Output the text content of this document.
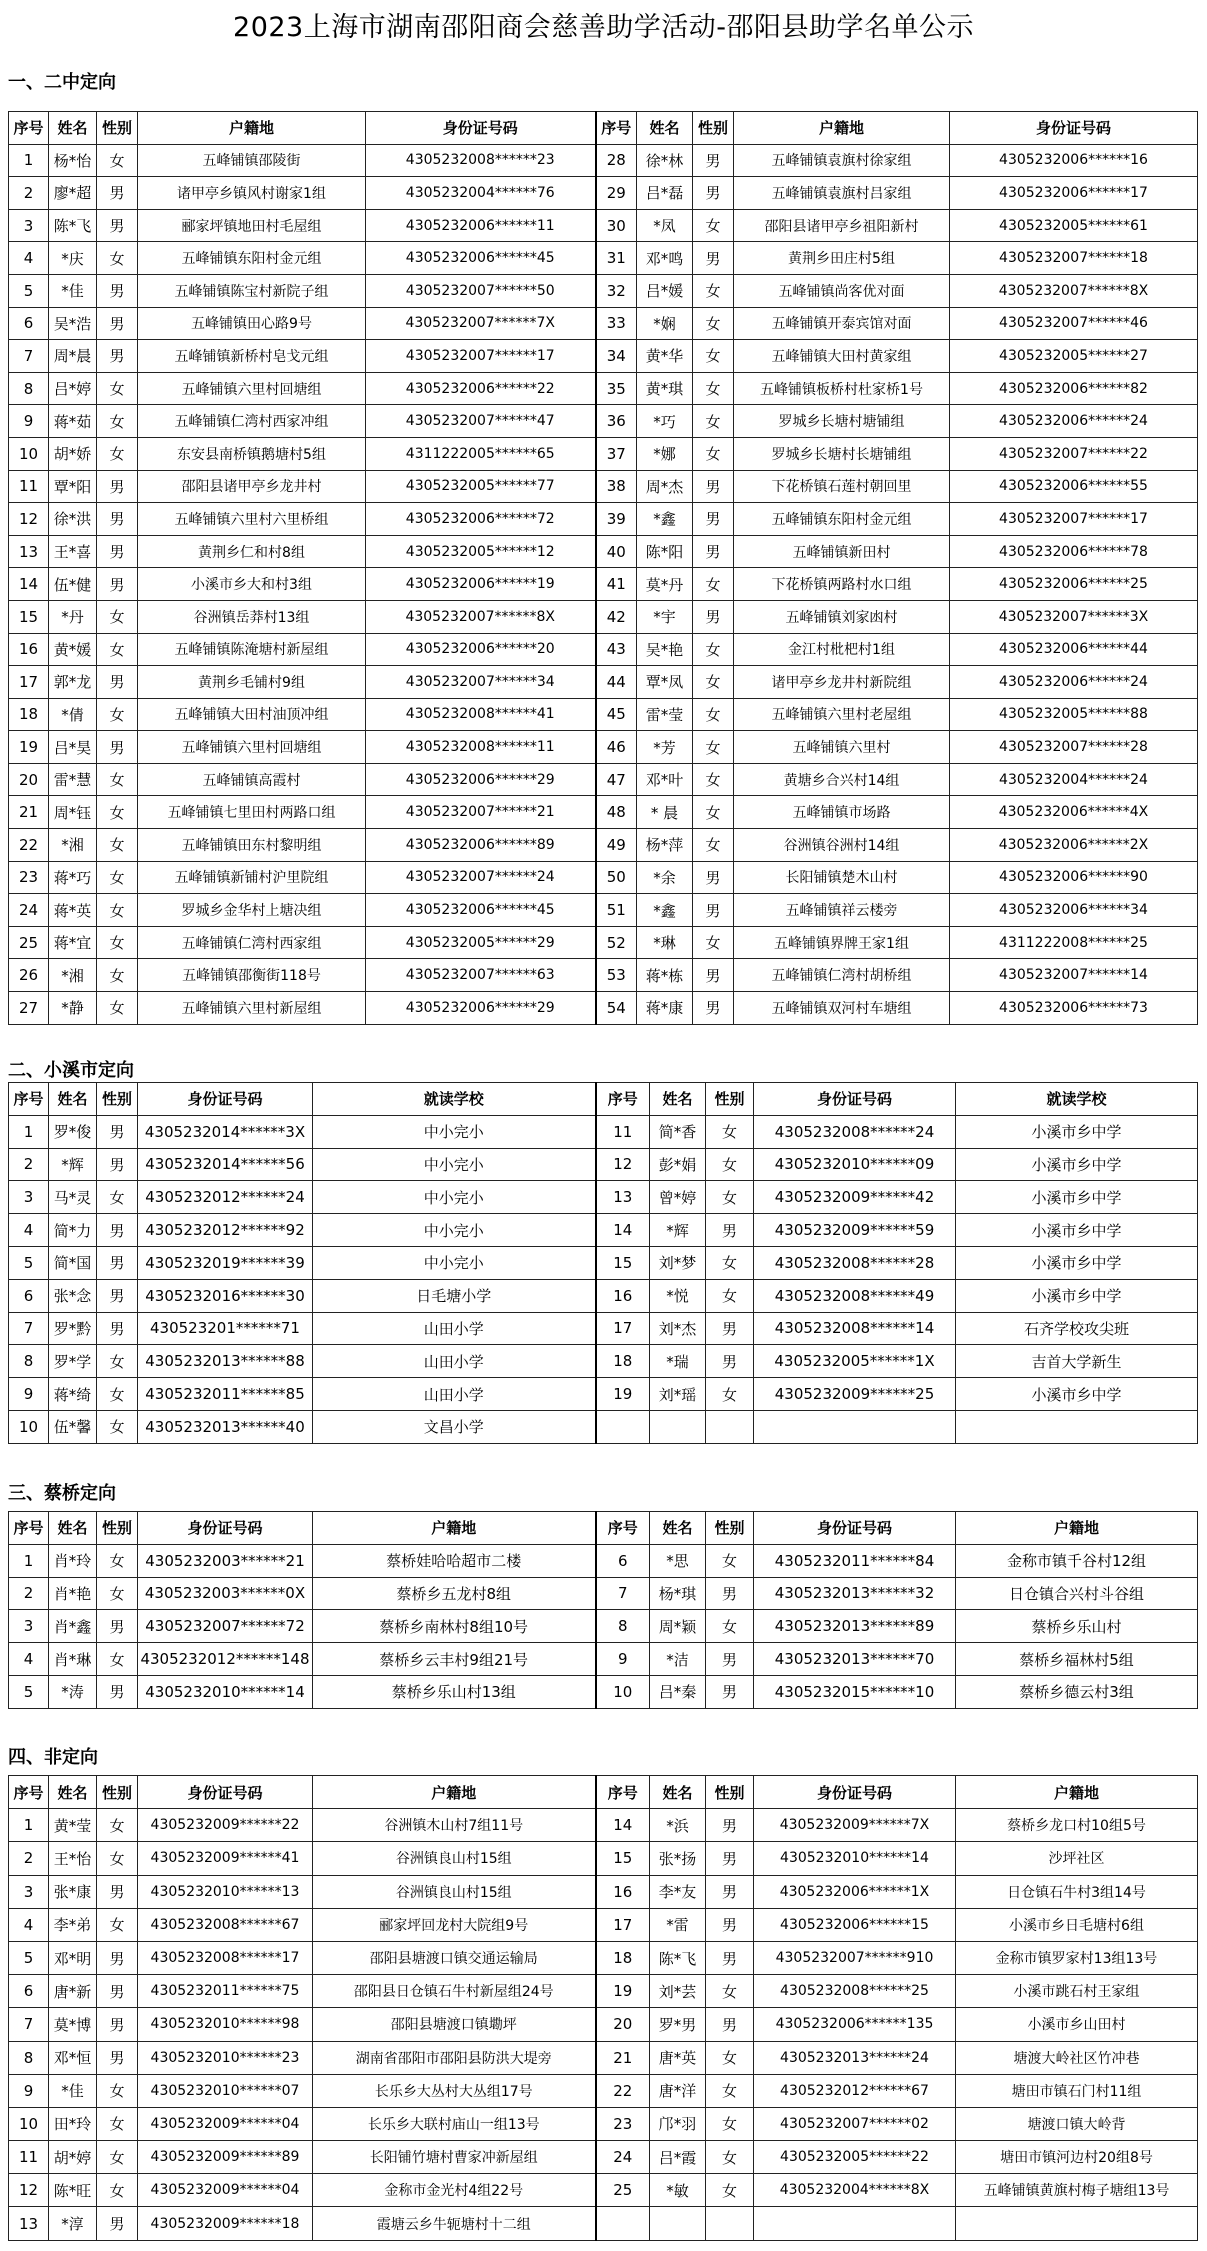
2023上海市湖南邵阳商会慈善助学活动-邵阳县助学名单公示
一、二中定向
序号	姓名	性别	户籍地	身份证号码	序号	姓名	性别	户籍地	身份证号码
1	杨*怡	女	五峰铺镇邵陵街	4305232008******23	28	徐*林	男	五峰铺镇袁旗村徐家组	4305232006******16
2	廖*超	男	诸甲亭乡镇风村谢家1组	4305232004******76	29	吕*磊	男	五峰铺镇袁旗村吕家组	4305232006******17
3	陈*飞	男	郦家坪镇地田村毛屋组	4305232006******11	30	*凤	女	邵阳县诸甲亭乡祖阳新村	4305232005******61
4	*庆	女	五峰铺镇东阳村金元组	4305232006******45	31	邓*鸣	男	黄荆乡田庄村5组	4305232007******18
5	*佳	男	五峰铺镇陈宝村新院子组	4305232007******50	32	吕*媛	女	五峰铺镇尚客优对面	4305232007******8X
6	吴*浩	男	五峰铺镇田心路9号	4305232007******7X	33	*娴	女	五峰铺镇开泰宾馆对面	4305232007******46
7	周*晨	男	五峰铺镇新桥村皂戈元组	4305232007******17	34	黄*华	女	五峰铺镇大田村黄家组	4305232005******27
8	吕*婷	女	五峰铺镇六里村回塘组	4305232006******22	35	黄*琪	女	五峰铺镇板桥村杜家桥1号	4305232006******82
9	蒋*茹	女	五峰铺镇仁湾村西家冲组	4305232007******47	36	*巧	女	罗城乡长塘村塘铺组	4305232006******24
10	胡*娇	女	东安县南桥镇鹅塘村5组	4311222005******65	37	*娜	女	罗城乡长塘村长塘铺组	4305232007******22
11	覃*阳	男	邵阳县诸甲亭乡龙井村	4305232005******77	38	周*杰	男	下花桥镇石莲村朝回里	4305232006******55
12	徐*洪	男	五峰铺镇六里村六里桥组	4305232006******72	39	*鑫	男	五峰铺镇东阳村金元组	4305232007******17
13	王*喜	男	黄荆乡仁和村8组	4305232005******12	40	陈*阳	男	五峰铺镇新田村	4305232006******78
14	伍*健	男	小溪市乡大和村3组	4305232006******19	41	莫*丹	女	下花桥镇两路村水口组	4305232006******25
15	*丹	女	谷洲镇岳莽村13组	4305232007******8X	42	*宇	男	五峰铺镇刘家凼村	4305232007******3X
16	黄*媛	女	五峰铺镇陈淹塘村新屋组	4305232006******20	43	吴*艳	女	金江村枇杷村1组	4305232006******44
17	郭*龙	男	黄荆乡毛铺村9组	4305232007******34	44	覃*凤	女	诸甲亭乡龙井村新院组	4305232006******24
18	*倩	女	五峰铺镇大田村油顶冲组	4305232008******41	45	雷*莹	女	五峰铺镇六里村老屋组	4305232005******88
19	吕*昊	男	五峰铺镇六里村回塘组	4305232008******11	46	*芳	女	五峰铺镇六里村	4305232007******28
20	雷*慧	女	五峰铺镇高霞村	4305232006******29	47	邓*叶	女	黄塘乡合兴村14组	4305232004******24
21	周*钰	女	五峰铺镇七里田村两路口组	4305232007******21	48	* 晨	女	五峰铺镇市场路	4305232006******4X
22	*湘	女	五峰铺镇田东村黎明组	4305232006******89	49	杨*萍	女	谷洲镇谷洲村14组	4305232006******2X
23	蒋*巧	女	五峰铺镇新铺村沪里院组	4305232007******24	50	*余	男	长阳铺镇楚木山村	4305232006******90
24	蒋*英	女	罗城乡金华村上塘决组	4305232006******45	51	*鑫	男	五峰铺镇祥云楼旁	4305232006******34
25	蒋*宜	女	五峰铺镇仁湾村西家组	4305232005******29	52	*琳	女	五峰铺镇界牌王家1组	4311222008******25
26	*湘	女	五峰铺镇邵衡街118号	4305232007******63	53	蒋*栋	男	五峰铺镇仁湾村胡桥组	4305232007******14
27	*静	女	五峰铺镇六里村新屋组	4305232006******29	54	蒋*康	男	五峰铺镇双河村车塘组	4305232006******73
二、小溪市定向
序号	姓名	性别	身份证号码	就读学校	序号	姓名	性别	身份证号码	就读学校
1	罗*俊	男	4305232014******3X	中小完小	11	简*香	女	4305232008******24	小溪市乡中学
2	*辉	男	4305232014******56	中小完小	12	彭*娟	女	4305232010******09	小溪市乡中学
3	马*灵	女	4305232012******24	中小完小	13	曾*婷	女	4305232009******42	小溪市乡中学
4	简*力	男	4305232012******92	中小完小	14	*辉	男	4305232009******59	小溪市乡中学
5	简*国	男	4305232019******39	中小完小	15	刘*梦	女	4305232008******28	小溪市乡中学
6	张*念	男	4305232016******30	日毛塘小学	16	*悦	女	4305232008******49	小溪市乡中学
7	罗*黔	男	430523201******71	山田小学	17	刘*杰	男	4305232008******14	石齐学校攻尖班
8	罗*学	女	4305232013******88	山田小学	18	*瑞	男	4305232005******1X	吉首大学新生
9	蒋*绮	女	4305232011******85	山田小学	19	刘*瑶	女	4305232009******25	小溪市乡中学
10	伍*馨	女	4305232013******40	文昌小学					
三、蔡桥定向
序号	姓名	性别	身份证号码	户籍地	序号	姓名	性别	身份证号码	户籍地
1	肖*玲	女	4305232003******21	蔡桥娃哈哈超市二楼	6	*思	女	4305232011******84	金称市镇千谷村12组
2	肖*艳	女	4305232003******0X	蔡桥乡五龙村8组	7	杨*琪	男	4305232013******32	日仓镇合兴村斗谷组
3	肖*鑫	男	4305232007******72	蔡桥乡南林村8组10号	8	周*颖	女	4305232013******89	蔡桥乡乐山村
4	肖*琳	女	4305232012******148	蔡桥乡云丰村9组21号	9	*洁	男	4305232013******70	蔡桥乡福林村5组
5	*涛	男	4305232010******14	蔡桥乡乐山村13组	10	吕*秦	男	4305232015******10	蔡桥乡德云村3组
四、非定向
序号	姓名	性别	身份证号码	户籍地	序号	姓名	性别	身份证号码	户籍地
1	黄*莹	女	4305232009******22	谷洲镇木山村7组11号	14	*浜	男	4305232009******7X	蔡桥乡龙口村10组5号
2	王*怡	女	4305232009******41	谷洲镇良山村15组	15	张*扬	男	4305232010******14	沙坪社区
3	张*康	男	4305232010******13	谷洲镇良山村15组	16	李*友	男	4305232006******1X	日仓镇石牛村3组14号
4	李*弟	女	4305232008******67	郦家坪回龙村大院组9号	17	*雷	男	4305232006******15	小溪市乡日毛塘村6组
5	邓*明	男	4305232008******17	邵阳县塘渡口镇交通运输局	18	陈*飞	男	4305232007******910	金称市镇罗家村13组13号
6	唐*新	男	4305232011******75	邵阳县日仓镇石牛村新屋组24号	19	刘*芸	女	4305232008******25	小溪市跳石村王家组
7	莫*博	男	4305232010******98	邵阳县塘渡口镇墈坪	20	罗*男	男	4305232006******135	小溪市乡山田村
8	邓*恒	男	4305232010******23	湖南省邵阳市邵阳县防洪大堤旁	21	唐*英	女	4305232013******24	塘渡大岭社区竹冲巷
9	*佳	女	4305232010******07	长乐乡大丛村大丛组17号	22	唐*洋	女	4305232012******67	塘田市镇石门村11组
10	田*玲	女	4305232009******04	长乐乡大联村庙山一组13号	23	邝*羽	女	4305232007******02	塘渡口镇大岭背
11	胡*婷	女	4305232009******89	长阳铺竹塘村曹家冲新屋组	24	吕*霞	女	4305232005******22	塘田市镇河边村20组8号
12	陈*旺	女	4305232009******04	金称市金光村4组22号	25	*敏	女	4305232004******8X	五峰铺镇黄旗村梅子塘组13号
13	*淳	男	4305232009******18	霞塘云乡牛轭塘村十二组					
